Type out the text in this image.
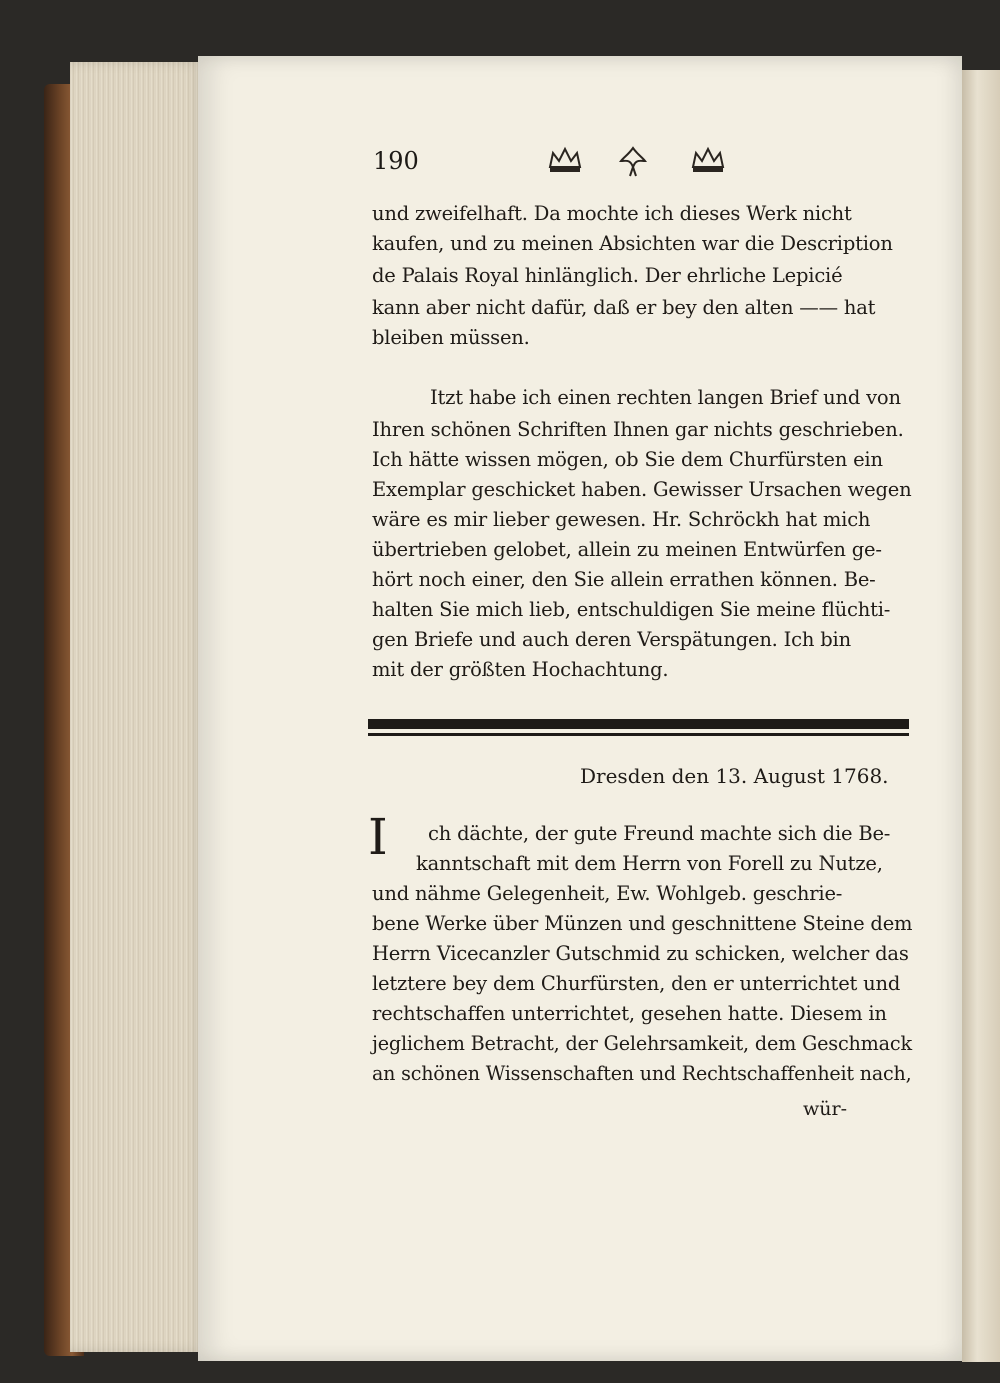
190
und zweifelhaft. Da mochte ich dieses Werk nicht
kaufen, und zu meinen Absichten war die Description
de Palais Royal hinlänglich. Der ehrliche Lepicié
kann aber nicht dafür, daß er bey den alten —— hat
bleiben müssen.
Itzt habe ich einen rechten langen Brief und von
Ihren schönen Schriften Ihnen gar nichts geschrieben.
Ich hätte wissen mögen, ob Sie dem Churfürsten ein
Exemplar geschicket haben. Gewisser Ursachen wegen
wäre es mir lieber gewesen. Hr. Schröckh hat mich
übertrieben gelobet, allein zu meinen Entwürfen ge-
hört noch einer, den Sie allein errathen können. Be-
halten Sie mich lieb, entschuldigen Sie meine flüchti-
gen Briefe und auch deren Verspätungen. Ich bin
mit der größten Hochachtung.
Dresden den 13. August 1768.
I ch dächte, der gute Freund machte sich die Be-
kanntschaft mit dem Herrn von Forell zu Nutze,
und nähme Gelegenheit, Ew. Wohlgeb. geschrie-
bene Werke über Münzen und geschnittene Steine dem
Herrn Vicecanzler Gutschmid zu schicken, welcher das
letztere bey dem Churfürsten, den er unterrichtet und
rechtschaffen unterrichtet, gesehen hatte. Diesem in
jeglichem Betracht, der Gelehrsamkeit, dem Geschmack
an schönen Wissenschaften und Rechtschaffenheit nach,
wür-
